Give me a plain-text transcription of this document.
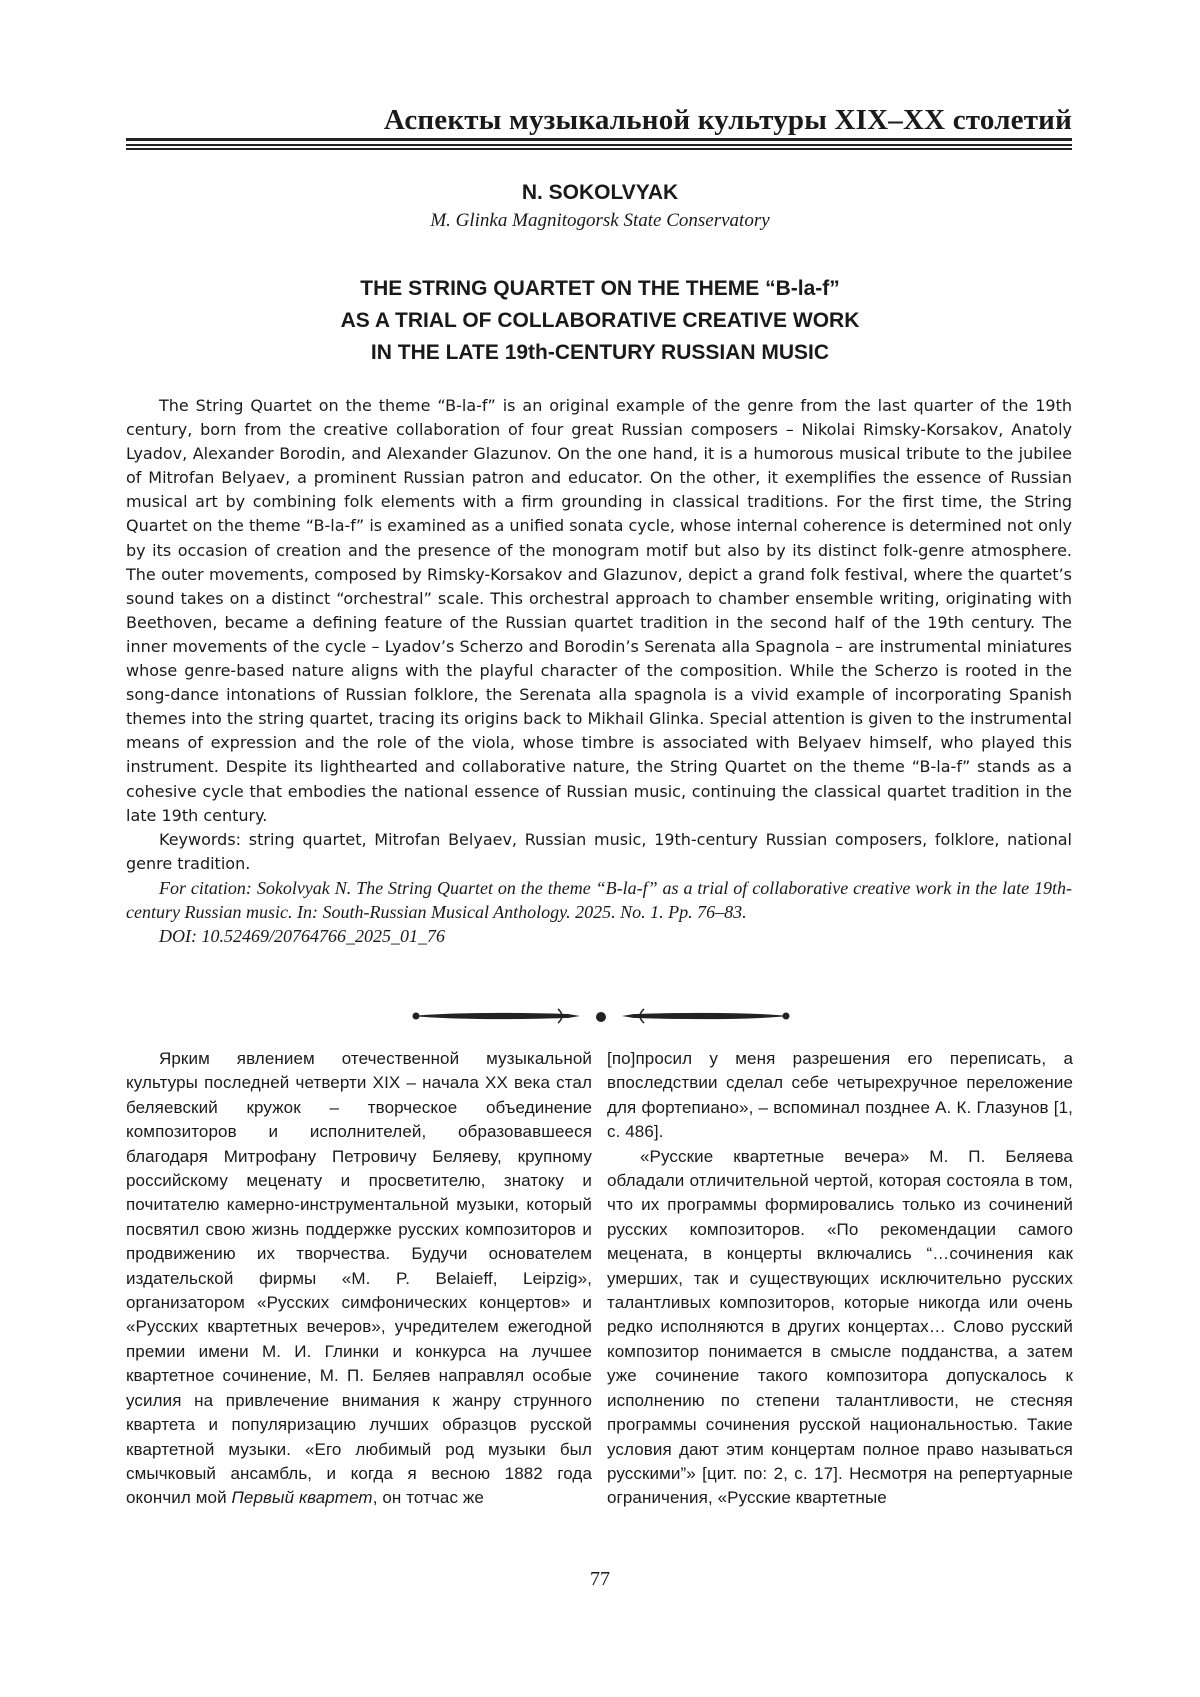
Аспекты музыкальной культуры XIX–XX столетий
N. SOKOLVYAK
M. Glinka Magnitogorsk State Conservatory
THE STRING QUARTET ON THE THEME “B-la-f”
AS A TRIAL OF COLLABORATIVE CREATIVE WORK
IN THE LATE 19th-CENTURY RUSSIAN MUSIC

The String Quartet on the theme “B-la-f” is an original example of the genre from the last quarter of the 19th century, born from the creative collaboration of four great Russian composers – Nikolai Rimsky-Korsakov, Anatoly Lyadov, Alexander Borodin, and Alexander Glazunov. On the one hand, it is a humorous musical tribute to the jubilee of Mitrofan Belyaev, a prominent Russian patron and educator. On the other, it exemplifies the essence of Russian musical art by combining folk elements with a firm grounding in classical traditions. For the first time, the String Quartet on the theme “B-la-f” is examined as a unified sonata cycle, whose internal coherence is determined not only by its occasion of creation and the presence of the monogram motif but also by its distinct folk-genre atmosphere. The outer movements, composed by Rimsky-Korsakov and Glazunov, depict a grand folk festival, where the quartet’s sound takes on a distinct “orchestral” scale. This orchestral approach to chamber ensemble writing, originating with Beethoven, became a defining feature of the Russian quartet tradition in the second half of the 19th century. The inner movements of the cycle – Lyadov’s Scherzo and Borodin’s Serenata alla Spagnola – are instrumental miniatures whose genre-based nature aligns with the playful character of the composition. While the Scherzo is rooted in the song-dance intonations of Russian folklore, the Serenata alla spagnola is a vivid example of incorporating Spanish themes into the string quartet, tracing its origins back to Mikhail Glinka. Special attention is given to the instrumental means of expression and the role of the viola, whose timbre is associated with Belyaev himself, who played this instrument. Despite its lighthearted and collaborative nature, the String Quartet on the theme “B-la-f” stands as a cohesive cycle that embodies the national essence of Russian music, continuing the classical quartet tradition in the late 19th century.

Keywords: string quartet, Mitrofan Belyaev, Russian music, 19th-century Russian composers, folklore, national genre tradition.

For citation: Sokolvyak N. The String Quartet on the theme “B-la-f” as a trial of collaborative creative work in the late 19th-century Russian music. In: South-Russian Musical Anthology. 2025. No. 1. Pp. 76–83.

DOI: 10.52469/20764766_2025_01_76

Ярким явлением отечественной музыкальной культуры последней четверти XIX – начала XX века стал беляевский кружок – творческое объединение композиторов и исполнителей, образовавшееся благодаря Митрофану Петровичу Беляеву, крупному российскому меценату и просветителю, знатоку и почитателю камерно-инструментальной музыки, который посвятил свою жизнь поддержке русских композиторов и продвижению их творчества. Будучи основателем издательской фирмы «M. P. Belaieff, Leipzig», организатором «Русских симфонических концертов» и «Русских квартетных вечеров», учредителем ежегодной премии имени М. И. Глинки и конкурса на лучшее квартетное сочинение, М. П. Беляев направлял особые усилия на привлечение внимания к жанру струнного квартета и популяризацию лучших образцов русской квартетной музыки. «Его любимый род музыки был смычковый ансамбль, и когда я весною 1882 года окончил мой Первый квартет, он тотчас же

[по]просил у меня разрешения его переписать, а впоследствии сделал себе четырехручное переложение для фортепиано», – вспоминал позднее А. К. Глазунов [1, с. 486].

«Русские квартетные вечера» М. П. Беляева обладали отличительной чертой, которая состояла в том, что их программы формировались только из сочинений русских композиторов. «По рекомендации самого мецената, в концерты включались “…сочинения как умерших, так и существующих исключительно русских талантливых композиторов, которые никогда или очень редко исполняются в других концертах… Слово русский композитор понимается в смысле подданства, а затем уже сочинение такого композитора допускалось к исполнению по степени талантливости, не стесняя программы сочинения русской национальностью. Такие условия дают этим концертам полное право называться русскими”» [цит. по: 2, с. 17]. Несмотря на репертуарные ограничения, «Русские квартетные

77
